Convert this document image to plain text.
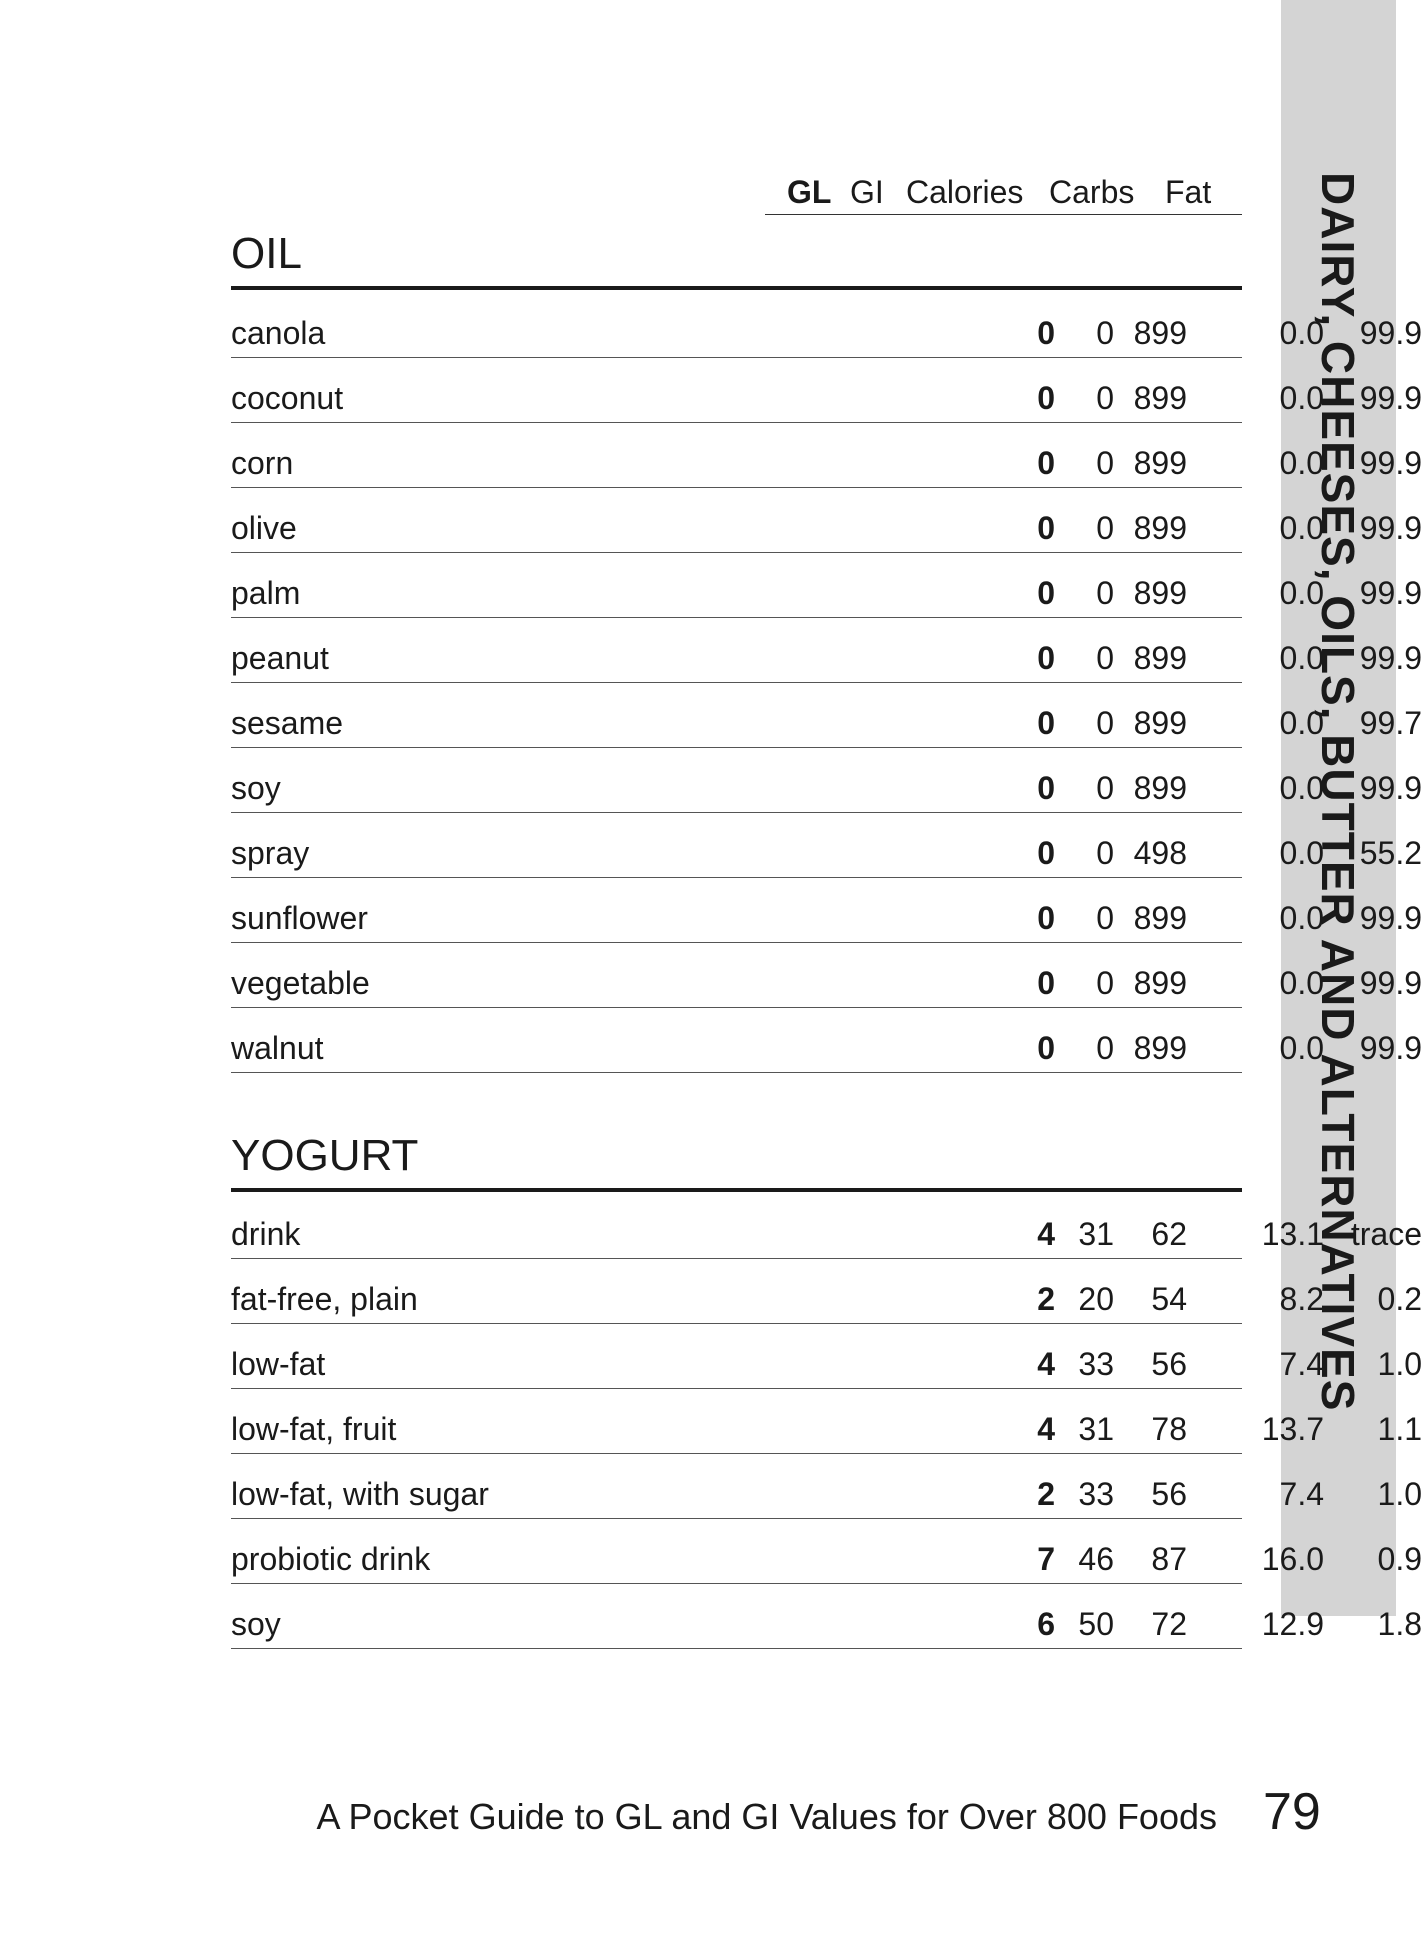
DAIRY, CHEESES, OILS, BUTTER AND ALTERNATIVES
GL GI Calories Carbs Fat
OIL
canola	0 0 899	0.0 99.9
coconut	0 0 899	0.0 99.9
corn	0 0 899	0.0 99.9
olive	0 0 899	0.0 99.9
palm	0 0 899	0.0 99.9
peanut	0 0 899	0.0 99.9
sesame	0 0 899	0.0 99.7
soy	0 0 899	0.0 99.9
spray	0 0 498	0.0 55.2
sunflower	0 0 899	0.0 99.9
vegetable	0 0 899	0.0 99.9
walnut	0 0 899	0.0 99.9
YOGURT
drink	4 31 62 13.1 trace
fat-free, plain	2 20 54	8.2 0.2
low-fat	4 33 56	7.4 1.0
low-fat, fruit	4 31 78 13.7 1.1
low-fat, with sugar	2 33 56	7.4 1.0
probiotic drink	7 46 87 16.0 0.9
soy	6 50 72 12.9 1.8
A Pocket Guide to GL and GI Values for Over 800 Foods 79
